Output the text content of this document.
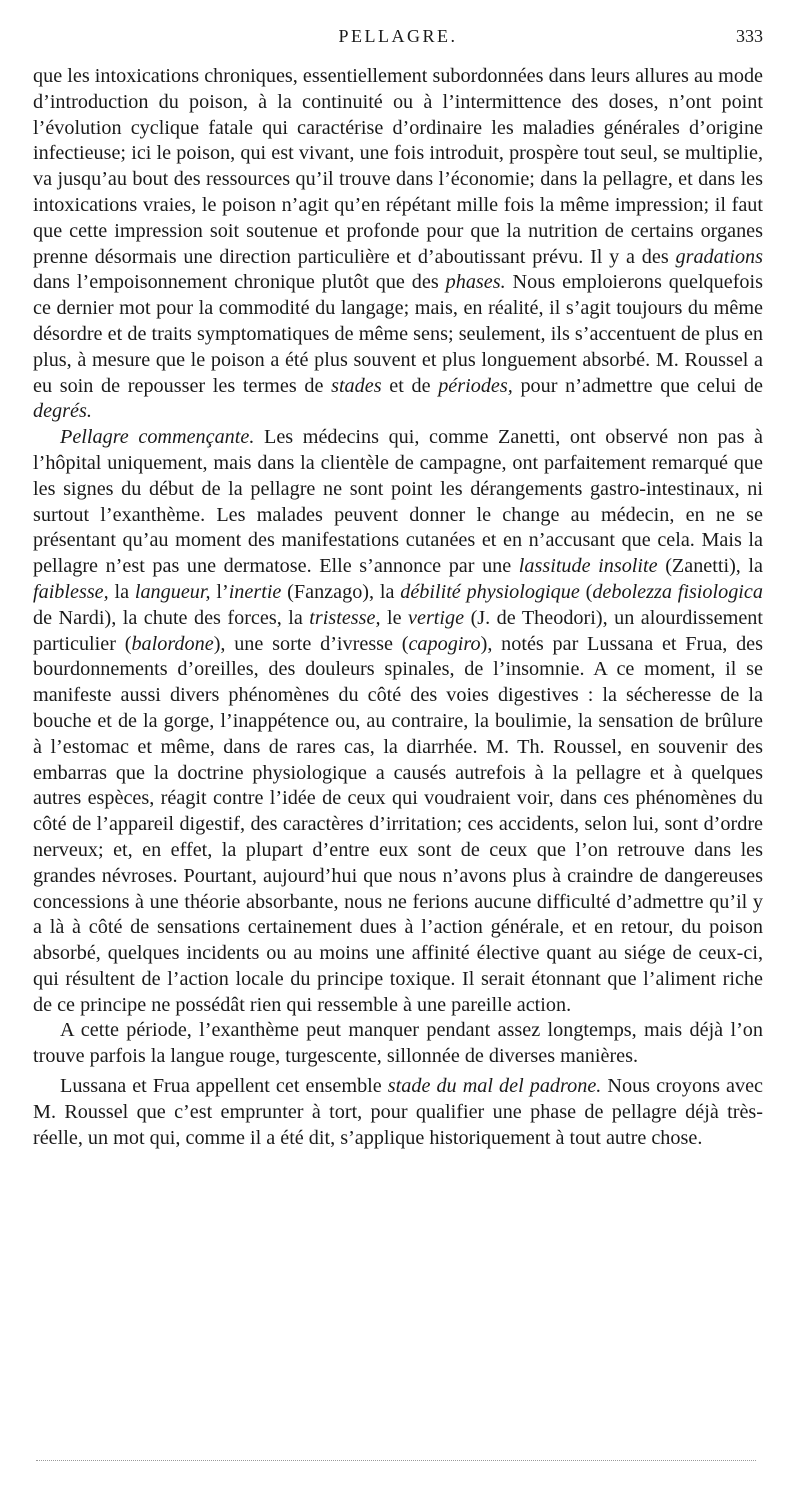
PELLAGRE.	333

que les intoxications chroniques, essentiellement subordonnées dans leurs allures au mode d’introduction du poison, à la continuité ou à l’intermittence des doses, n’ont point l’évolution cyclique fatale qui caractérise d’ordinaire les maladies générales d’origine infectieuse; ici le poison, qui est vivant, une fois introduit, prospère tout seul, se multiplie, va jusqu’au bout des ressources qu’il trouve dans l’économie; dans la pellagre, et dans les intoxications vraies, le poison n’agit qu’en répétant mille fois la même impression; il faut que cette impression soit soutenue et profonde pour que la nutrition de certains organes prenne désormais une direction particulière et d’aboutissant prévu. Il y a des gradations dans l’empoisonnement chronique plutôt que des phases. Nous emploierons quelquefois ce dernier mot pour la commodité du langage; mais, en réalité, il s’agit toujours du même désordre et de traits symptomatiques de même sens; seulement, ils s’accentuent de plus en plus, à mesure que le poison a été plus souvent et plus longuement absorbé. M. Roussel a eu soin de repousser les termes de stades et de périodes, pour n’admettre que celui de degrés.

Pellagre commençante. Les médecins qui, comme Zanetti, ont observé non pas à l’hôpital uniquement, mais dans la clientèle de campagne, ont parfaitement remarqué que les signes du début de la pellagre ne sont point les dérangements gastro-intestinaux, ni surtout l’exanthème. Les malades peuvent donner le change au médecin, en ne se présentant qu’au moment des manifestations cutanées et en n’accusant que cela. Mais la pellagre n’est pas une dermatose. Elle s’annonce par une lassitude insolite (Zanetti), la faiblesse, la langueur, l’inertie (Fanzago), la débilité physiologique (debolezza fisiologica de Nardi), la chute des forces, la tristesse, le vertige (J. de Theodori), un alourdissement particulier (balordone), une sorte d’ivresse (capogiro), notés par Lussana et Frua, des bourdonnements d’oreilles, des douleurs spinales, de l’insomnie. A ce moment, il se manifeste aussi divers phénomènes du côté des voies digestives : la sécheresse de la bouche et de la gorge, l’inappétence ou, au contraire, la boulimie, la sensation de brûlure à l’estomac et même, dans de rares cas, la diarrhée. M. Th. Roussel, en souvenir des embarras que la doctrine physiologique a causés autrefois à la pellagre et à quelques autres espèces, réagit contre l’idée de ceux qui voudraient voir, dans ces phénomènes du côté de l’appareil digestif, des caractères d’irritation; ces accidents, selon lui, sont d’ordre nerveux; et, en effet, la plupart d’entre eux sont de ceux que l’on retrouve dans les grandes névroses. Pourtant, aujourd’hui que nous n’avons plus à craindre de dangereuses concessions à une théorie absorbante, nous ne ferions aucune difficulté d’admettre qu’il y a là à côté de sensations certainement dues à l’action générale, et en retour, du poison absorbé, quelques incidents ou au moins une affinité élective quant au siége de ceux-ci, qui résultent de l’action locale du principe toxique. Il serait étonnant que l’aliment riche de ce principe ne possédât rien qui ressemble à une pareille action.

A cette période, l’exanthème peut manquer pendant assez longtemps, mais déjà l’on trouve parfois la langue rouge, turgescente, sillonnée de diverses manières.

Lussana et Frua appellent cet ensemble stade du mal del padrone. Nous croyons avec M. Roussel que c’est emprunter à tort, pour qualifier une phase de pellagre déjà très-réelle, un mot qui, comme il a été dit, s’applique historiquement à tout autre chose.
